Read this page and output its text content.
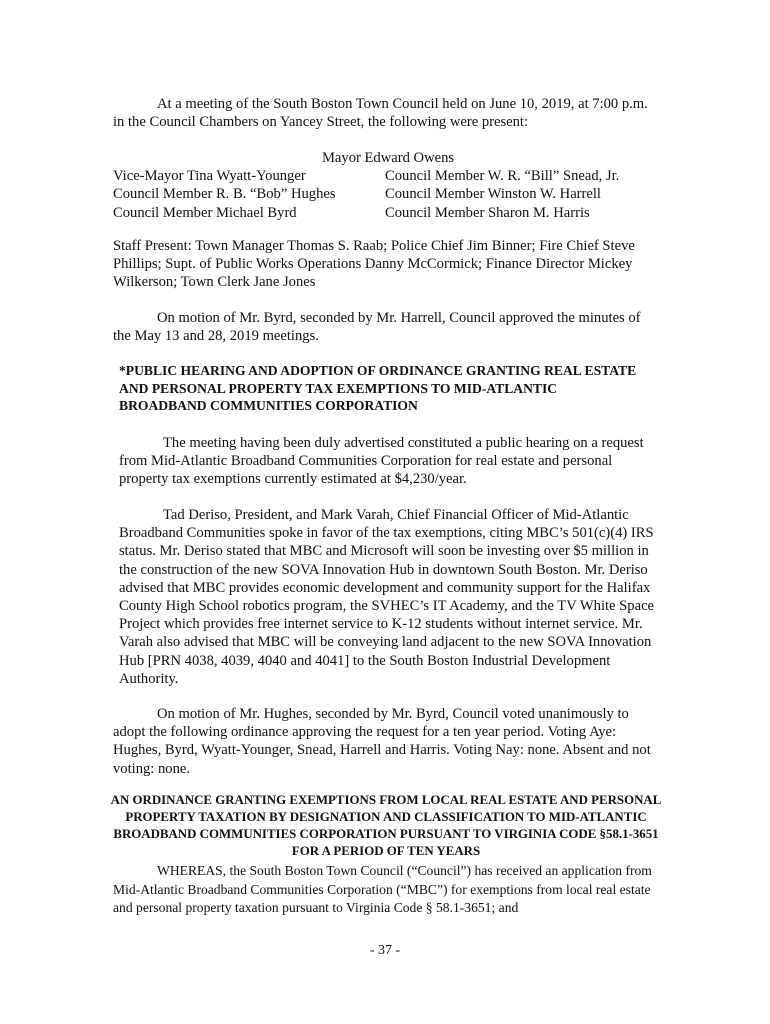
At a meeting of the South Boston Town Council held on June 10, 2019, at 7:00 p.m. in the Council Chambers on Yancey Street, the following were present:

Mayor Edward Owens

Vice-Mayor Tina Wyatt-Younger	Council Member W. R. “Bill” Snead, Jr.
Council Member R. B. “Bob” Hughes	Council Member Winston W. Harrell
Council Member Michael Byrd	Council Member Sharon M. Harris

Staff Present: Town Manager Thomas S. Raab; Police Chief Jim Binner; Fire Chief Steve Phillips; Supt. of Public Works Operations Danny McCormick; Finance Director Mickey Wilkerson; Town Clerk Jane Jones

On motion of Mr. Byrd, seconded by Mr. Harrell, Council approved the minutes of the May 13 and 28, 2019 meetings.

*PUBLIC HEARING AND ADOPTION OF ORDINANCE GRANTING REAL ESTATE AND PERSONAL PROPERTY TAX EXEMPTIONS TO MID-ATLANTIC BROADBAND COMMUNITIES CORPORATION

The meeting having been duly advertised constituted a public hearing on a request from Mid-Atlantic Broadband Communities Corporation for real estate and personal property tax exemptions currently estimated at $4,230/year.

Tad Deriso, President, and Mark Varah, Chief Financial Officer of Mid-Atlantic Broadband Communities spoke in favor of the tax exemptions, citing MBC’s 501(c)(4) IRS status. Mr. Deriso stated that MBC and Microsoft will soon be investing over $5 million in the construction of the new SOVA Innovation Hub in downtown South Boston. Mr. Deriso advised that MBC provides economic development and community support for the Halifax County High School robotics program, the SVHEC’s IT Academy, and the TV White Space Project which provides free internet service to K-12 students without internet service. Mr. Varah also advised that MBC will be conveying land adjacent to the new SOVA Innovation Hub [PRN 4038, 4039, 4040 and 4041] to the South Boston Industrial Development Authority.

On motion of Mr. Hughes, seconded by Mr. Byrd, Council voted unanimously to adopt the following ordinance approving the request for a ten year period. Voting Aye: Hughes, Byrd, Wyatt-Younger, Snead, Harrell and Harris. Voting Nay: none. Absent and not voting: none.

AN ORDINANCE GRANTING EXEMPTIONS FROM LOCAL REAL ESTATE AND PERSONAL PROPERTY TAXATION BY DESIGNATION AND CLASSIFICATION TO MID-ATLANTIC BROADBAND COMMUNITIES CORPORATION PURSUANT TO VIRGINIA CODE §58.1-3651 FOR A PERIOD OF TEN YEARS

WHEREAS, the South Boston Town Council (“Council”) has received an application from Mid-Atlantic Broadband Communities Corporation (“MBC”) for exemptions from local real estate and personal property taxation pursuant to Virginia Code § 58.1-3651; and

- 37 -
